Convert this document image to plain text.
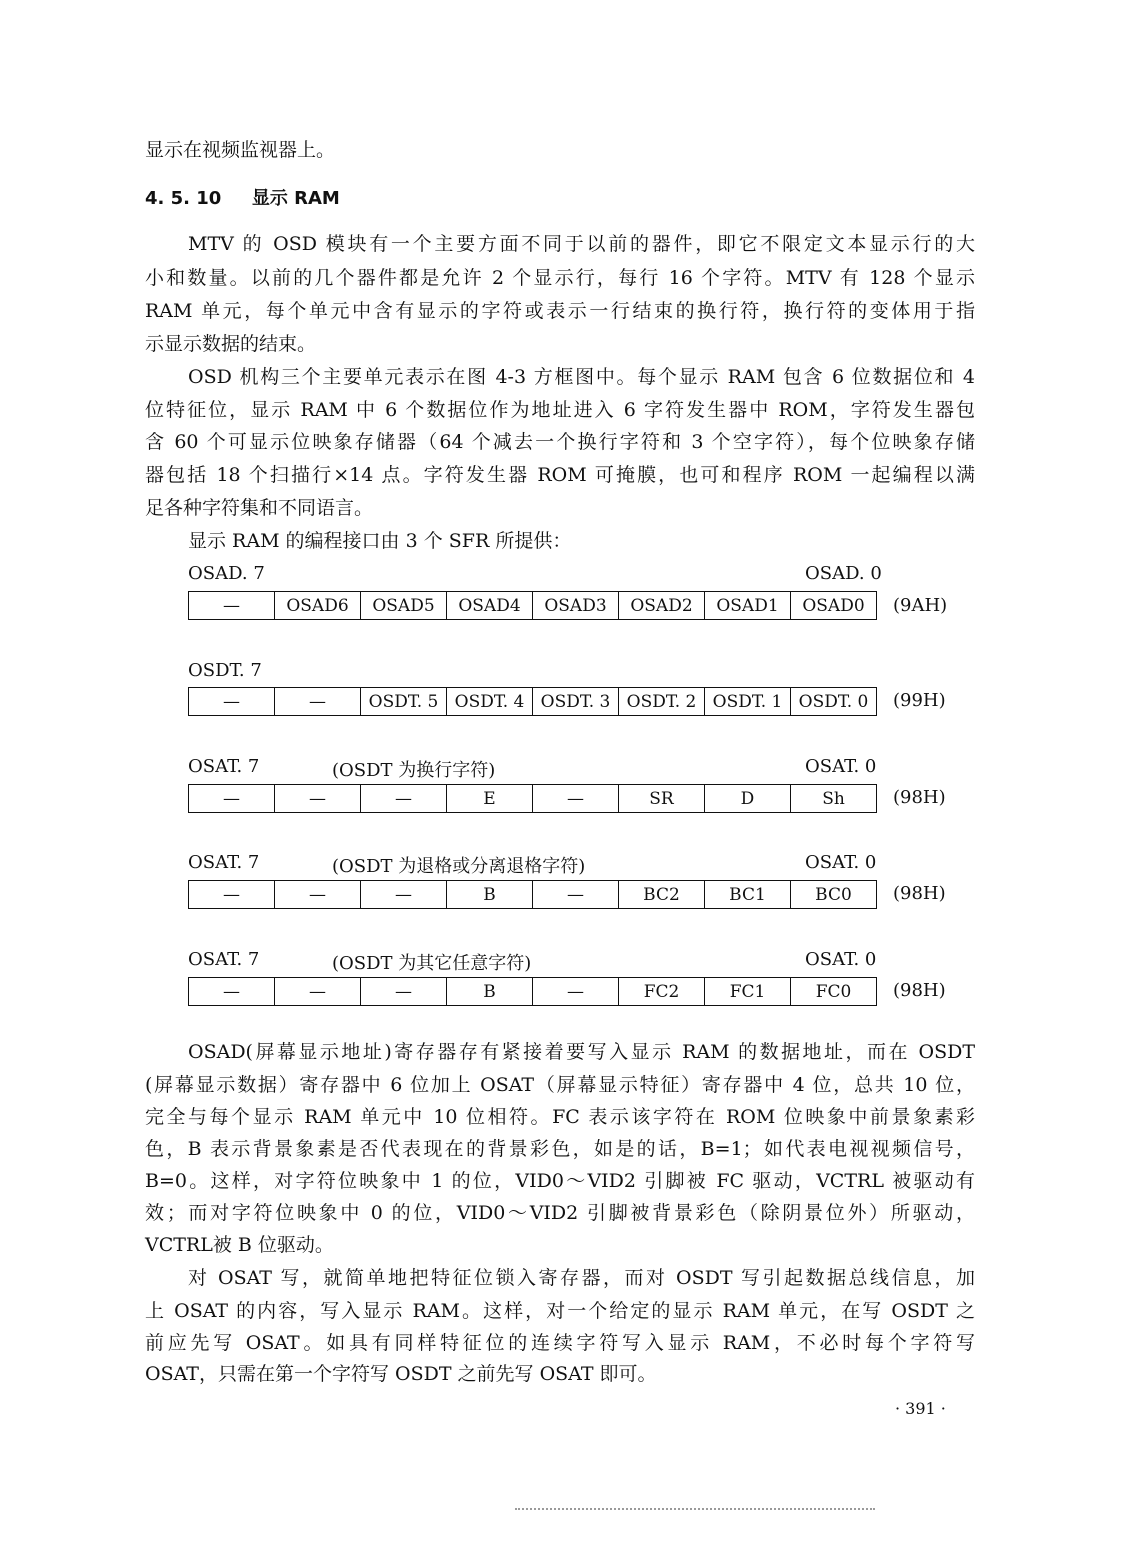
显示在视频监视器上。
4. 5. 10 显示 RAM
MTV 的 OSD 模块有一个主要方面不同于以前的器件，即它不限定文本显示行的大
小和数量。以前的几个器件都是允许 2 个显示行，每行 16 个字符。MTV 有 128 个显示
RAM 单元，每个单元中含有显示的字符或表示一行结束的换行符，换行符的变体用于指
示显示数据的结束。
OSD 机构三个主要单元表示在图 4-3 方框图中。每个显示 RAM 包含 6 位数据位和 4
位特征位，显示 RAM 中 6 个数据位作为地址进入 6 字符发生器中 ROM，字符发生器包
含 60 个可显示位映象存储器（64 个减去一个换行字符和 3 个空字符），每个位映象存储
器包括 18 个扫描行×14 点。字符发生器 ROM 可掩膜，也可和程序 ROM 一起编程以满
足各种字符集和不同语言。
显示 RAM 的编程接口由 3 个 SFR 所提供：
OSAD. 7	OSAD. 0
—	OSAD6	OSAD5	OSAD4	OSAD3	OSAD2	OSAD1	OSAD0 (9AH)
OSDT. 7
—	—	OSDT. 5	OSDT. 4	OSDT. 3	OSDT. 2	OSDT. 1	OSDT. 0 (99H)
OSAT. 7	(OSDT 为换行字符)	OSAT. 0
—	—	—	E	—	SR	D	Sh	(98H)
OSAT. 7	(OSDT 为退格或分离退格字符)	OSAT. 0
—	—	—	B	—	BC2	BC1	BC0 (98H)
OSAT. 7	(OSDT 为其它任意字符)	OSAT. 0
—	—	—	B	—	FC2	FC1	FC0 (98H)
OSAD(屏幕显示地址)寄存器存有紧接着要写入显示 RAM 的数据地址，而在 OSDT
(屏幕显示数据）寄存器中 6 位加上 OSAT（屏幕显示特征）寄存器中 4 位，总共 10 位，
完全与每个显示 RAM 单元中 10 位相符。FC 表示该字符在 ROM 位映象中前景象素彩
色，B 表示背景象素是否代表现在的背景彩色，如是的话，B=1；如代表电视视频信号，
B=0。这样，对字符位映象中 1 的位，VID0～VID2 引脚被 FC 驱动，VCTRL 被驱动有
效；而对字符位映象中 0 的位，VID0～VID2 引脚被背景彩色（除阴景位外）所驱动，
VCTRL被 B 位驱动。
对 OSAT 写，就简单地把特征位锁入寄存器，而对 OSDT 写引起数据总线信息，加
上 OSAT 的内容，写入显示 RAM。这样，对一个给定的显示 RAM 单元，在写 OSDT 之
前应先写 OSAT。如具有同样特征位的连续字符写入显示 RAM，不必时每个字符写
OSAT，只需在第一个字符写 OSDT 之前先写 OSAT 即可。
· 391 ·
